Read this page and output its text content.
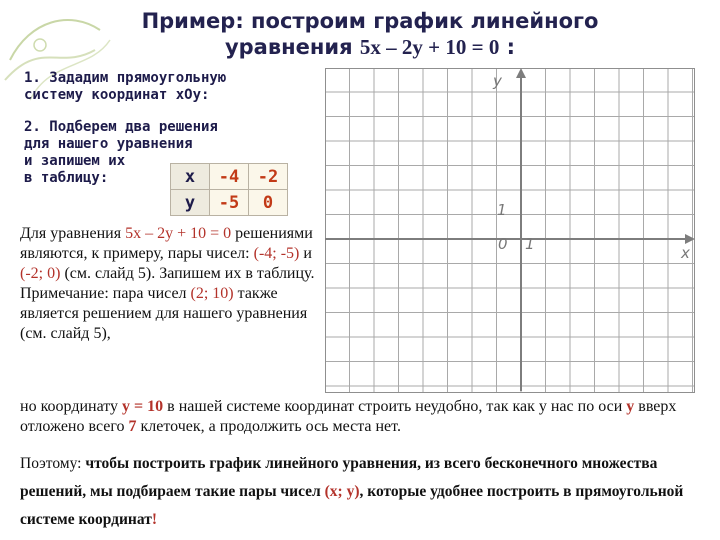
Пример: построим график линейного
уравнения 5x – 2y + 10 = 0 :
1. Зададим прямоугольную
систему координат хОу:
2. Подберем два решения
для нашего уравнения
и запишем их
в таблицу:	x	-4	-2
y	-5	0
Для уравнения 5x – 2y + 10 = 0 решениями являются, к примеру, пары чисел: (-4; -5) и (-2; 0) (см. слайд 5). Запишем их в таблицу.
Примечание: пара чисел (2; 10) также является решением для нашего уравнения (см. слайд 5),
y
x
0 1
1
но координату y = 10 в нашей системе координат строить неудобно, так как у нас по оси y вверх отложено всего 7 клеточек, а продолжить ось места нет.
Поэтому: чтобы построить график линейного уравнения, из всего бесконечного множества решений, мы подбираем такие пары чисел (x; y), которые удобнее построить в прямоугольной системе координат!
